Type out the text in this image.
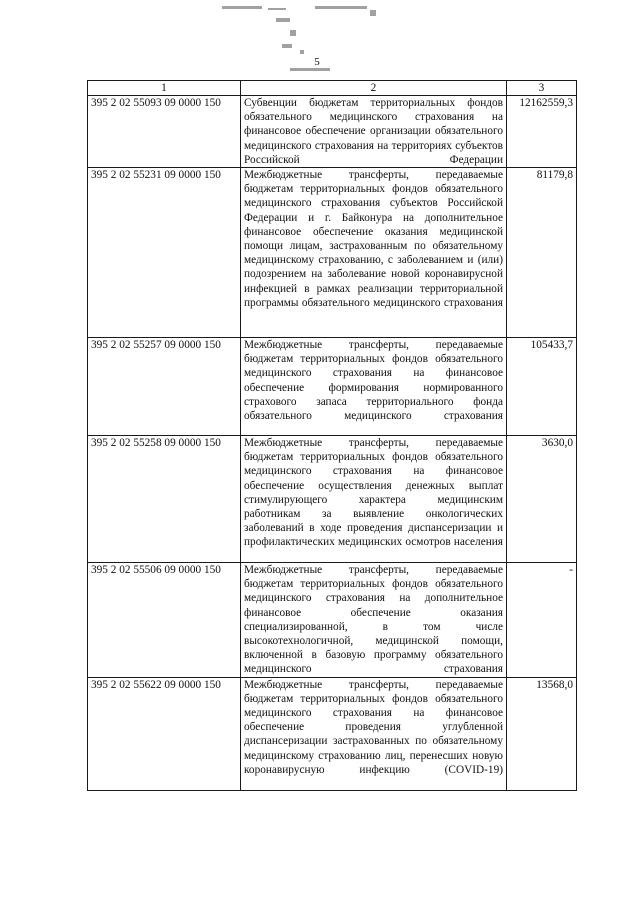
5
1	2	3
395 2 02 55093 09 0000 150	Субвенции бюджетам территориальных фондов обязательного медицинского страхования на финансовое обеспечение организации обязательного медицинского страхования на территориях субъектов Российской Федерации	12162559,3
395 2 02 55231 09 0000 150	Межбюджетные трансферты, передаваемые бюджетам территориальных фондов обязательного медицинского страхования субъектов Российской Федерации и г. Байконура на дополнительное финансовое обеспечение оказания медицинской помощи лицам, застрахованным по обязательному медицинскому страхованию, с заболеванием и (или) подозрением на заболевание новой коронавирусной инфекцией в рамках реализации территориальной программы обязательного медицинского страхования	81179,8
395 2 02 55257 09 0000 150	Межбюджетные трансферты, передаваемые бюджетам территориальных фондов обязательного медицинского страхования на финансовое обеспечение формирования нормированного страхового запаса территориального фонда обязательного медицинского страхования	105433,7
395 2 02 55258 09 0000 150	Межбюджетные трансферты, передаваемые бюджетам территориальных фондов обязательного медицинского страхования на финансовое обеспечение осуществления денежных выплат стимулирующего характера медицинским работникам за выявление онкологических заболеваний в ходе проведения диспансеризации и профилактических медицинских осмотров населения	3630,0
395 2 02 55506 09 0000 150	Межбюджетные трансферты, передаваемые бюджетам территориальных фондов обязательного медицинского страхования на дополнительное финансовое обеспечение оказания специализированной, в том числе высокотехнологичной, медицинской помощи, включенной в базовую программу обязательного медицинского страхования	-
395 2 02 55622 09 0000 150	Межбюджетные трансферты, передаваемые бюджетам территориальных фондов обязательного медицинского страхования на финансовое обеспечение проведения углубленной диспансеризации застрахованных по обязательному медицинскому страхованию лиц, перенесших новую коронавирусную инфекцию (COVID-19)	13568,0
